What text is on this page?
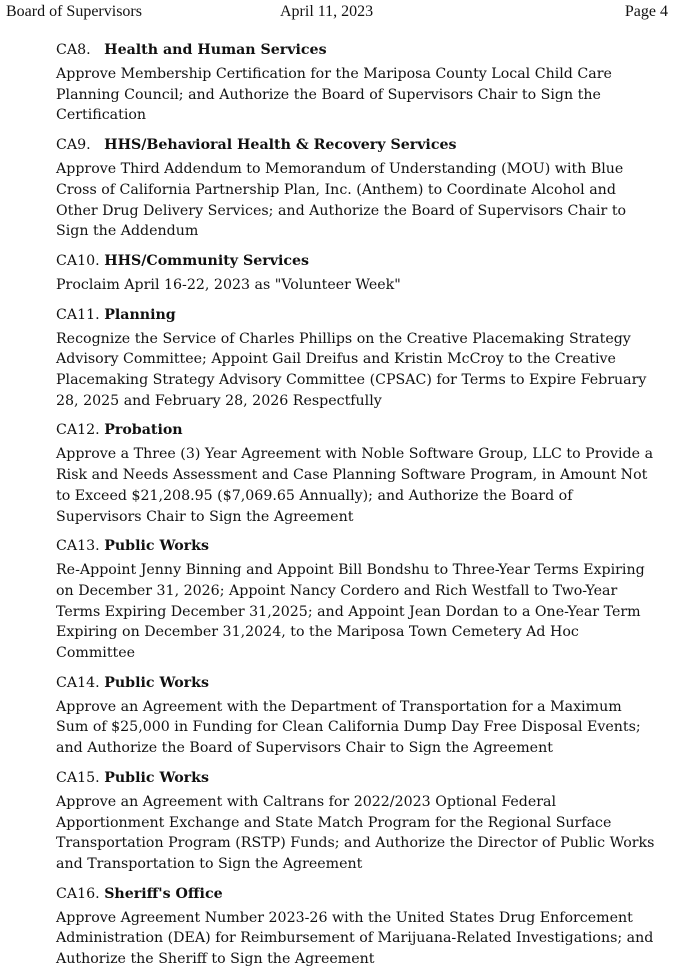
Board of Supervisors	April 11, 2023	Page 4
CA8. Health and Human Services

Approve Membership Certification for the Mariposa County Local Child Care Planning Council; and Authorize the Board of Supervisors Chair to Sign the Certification

CA9. HHS/Behavioral Health & Recovery Services

Approve Third Addendum to Memorandum of Understanding (MOU) with Blue Cross of California Partnership Plan, Inc. (Anthem) to Coordinate Alcohol and Other Drug Delivery Services; and Authorize the Board of Supervisors Chair to Sign the Addendum

CA10. HHS/Community Services

Proclaim April 16-22, 2023 as "Volunteer Week"

CA11. Planning

Recognize the Service of Charles Phillips on the Creative Placemaking Strategy Advisory Committee; Appoint Gail Dreifus and Kristin McCroy to the Creative Placemaking Strategy Advisory Committee (CPSAC) for Terms to Expire February 28, 2025 and February 28, 2026 Respectfully

CA12. Probation

Approve a Three (3) Year Agreement with Noble Software Group, LLC to Provide a Risk and Needs Assessment and Case Planning Software Program, in Amount Not to Exceed $21,208.95 ($7,069.65 Annually); and Authorize the Board of Supervisors Chair to Sign the Agreement

CA13. Public Works

Re-Appoint Jenny Binning and Appoint Bill Bondshu to Three-Year Terms Expiring on December 31, 2026; Appoint Nancy Cordero and Rich Westfall to Two-Year Terms Expiring December 31,2025; and Appoint Jean Dordan to a One-Year Term Expiring on December 31,2024, to the Mariposa Town Cemetery Ad Hoc Committee

CA14. Public Works

Approve an Agreement with the Department of Transportation for a Maximum Sum of $25,000 in Funding for Clean California Dump Day Free Disposal Events; and Authorize the Board of Supervisors Chair to Sign the Agreement

CA15. Public Works

Approve an Agreement with Caltrans for 2022/2023 Optional Federal Apportionment Exchange and State Match Program for the Regional Surface Transportation Program (RSTP) Funds; and Authorize the Director of Public Works and Transportation to Sign the Agreement

CA16. Sheriff's Office

Approve Agreement Number 2023-26 with the United States Drug Enforcement Administration (DEA) for Reimbursement of Marijuana-Related Investigations; and Authorize the Sheriff to Sign the Agreement
